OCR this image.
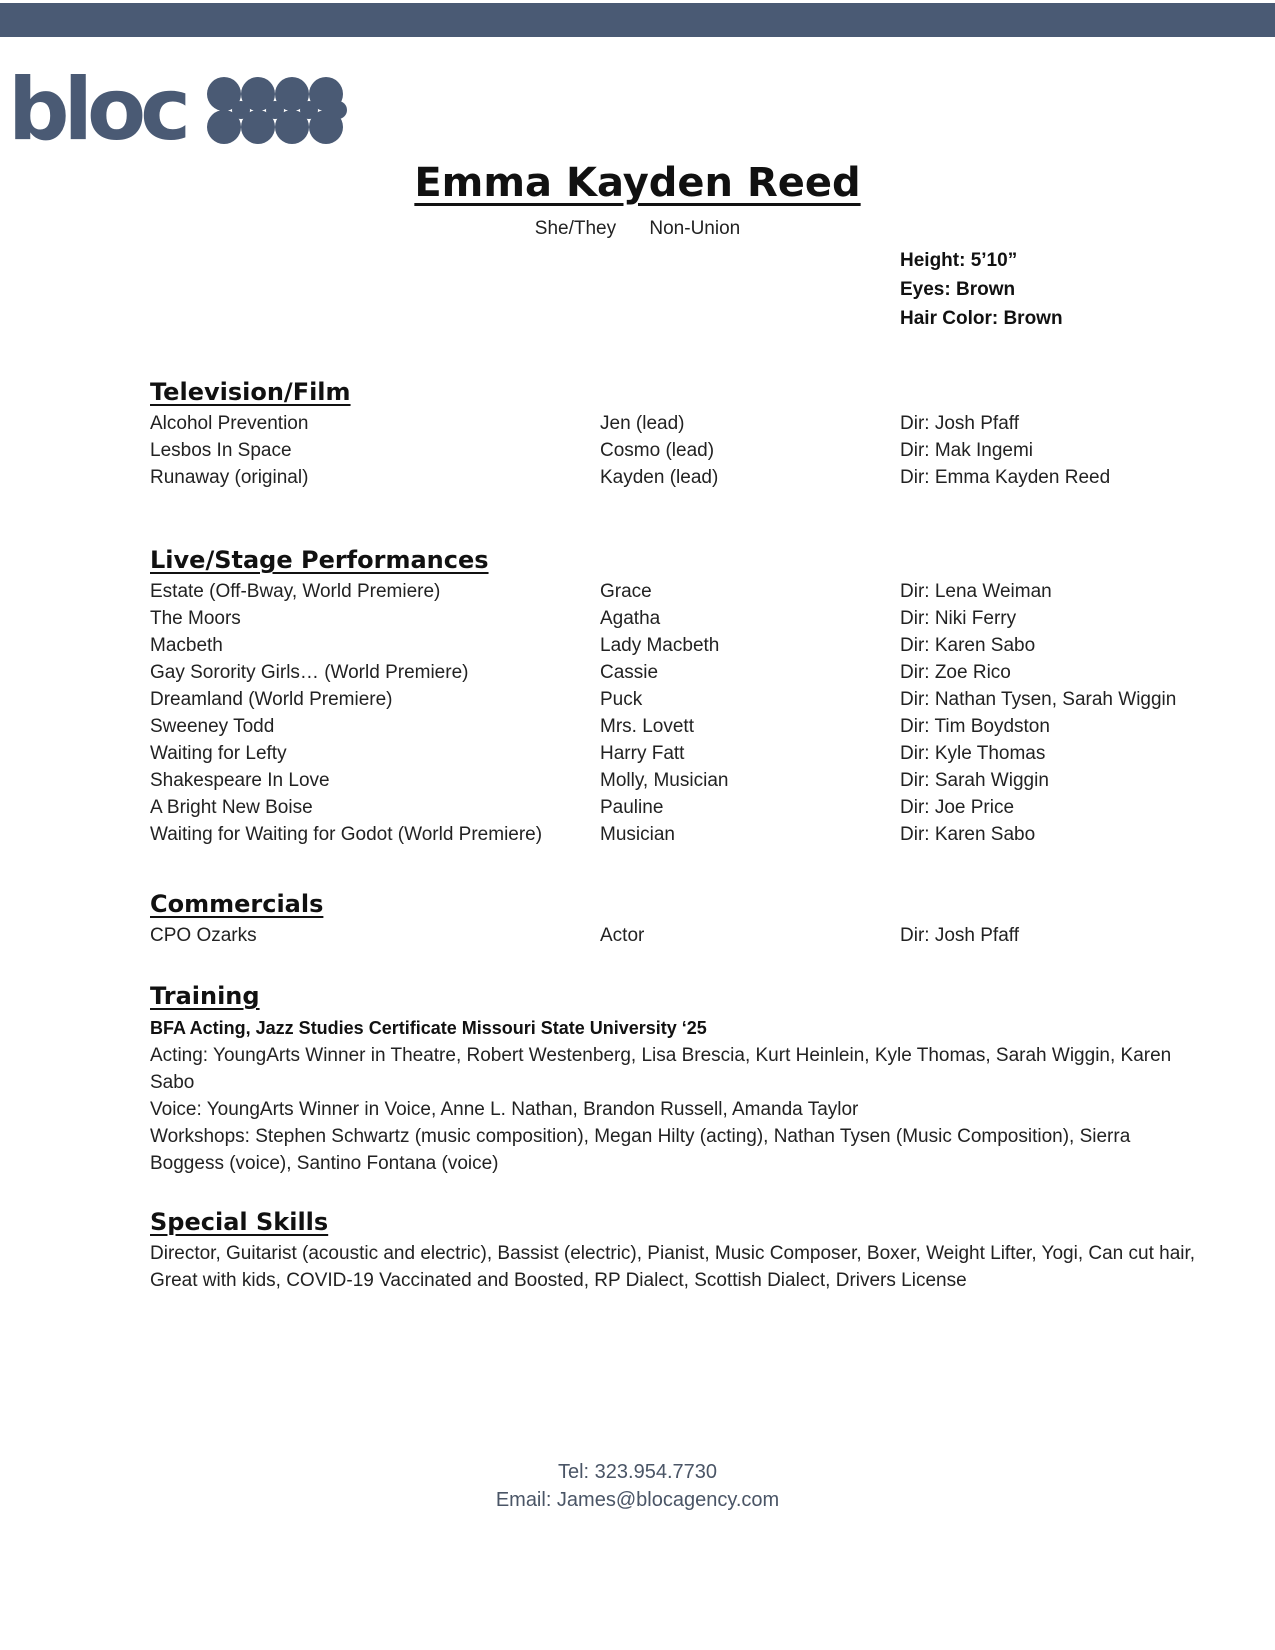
bloc
Emma Kayden Reed
She/They Non-Union
Height: 5’10”
Eyes: Brown
Hair Color: Brown
Television/Film
Alcohol Prevention	Jen (lead)	Dir: Josh Pfaff
Lesbos In Space	Cosmo (lead)	Dir: Mak Ingemi
Runaway (original)	Kayden (lead)	Dir: Emma Kayden Reed
Live/Stage Performances
Estate (Off-Bway, World Premiere)	Grace	Dir: Lena Weiman
The Moors	Agatha	Dir: Niki Ferry
Macbeth	Lady Macbeth	Dir: Karen Sabo
Gay Sorority Girls… (World Premiere)	Cassie	Dir: Zoe Rico
Dreamland (World Premiere)	Puck	Dir: Nathan Tysen, Sarah Wiggin
Sweeney Todd	Mrs. Lovett	Dir: Tim Boydston
Waiting for Lefty	Harry Fatt	Dir: Kyle Thomas
Shakespeare In Love	Molly, Musician	Dir: Sarah Wiggin
A Bright New Boise	Pauline	Dir: Joe Price
Waiting for Waiting for Godot (World Premiere)	Musician	Dir: Karen Sabo
Commercials
CPO Ozarks	Actor	Dir: Josh Pfaff
Training
BFA Acting, Jazz Studies Certificate Missouri State University ‘25
Acting: YoungArts Winner in Theatre, Robert Westenberg, Lisa Brescia, Kurt Heinlein, Kyle Thomas, Sarah Wiggin, Karen Sabo
Voice: YoungArts Winner in Voice, Anne L. Nathan, Brandon Russell, Amanda Taylor
Workshops: Stephen Schwartz (music composition), Megan Hilty (acting), Nathan Tysen (Music Composition), Sierra Boggess (voice), Santino Fontana (voice)
Special Skills
Director, Guitarist (acoustic and electric), Bassist (electric), Pianist, Music Composer, Boxer, Weight Lifter, Yogi, Can cut hair, Great with kids, COVID-19 Vaccinated and Boosted, RP Dialect, Scottish Dialect, Drivers License
Tel: 323.954.7730
Email: James@blocagency.com
